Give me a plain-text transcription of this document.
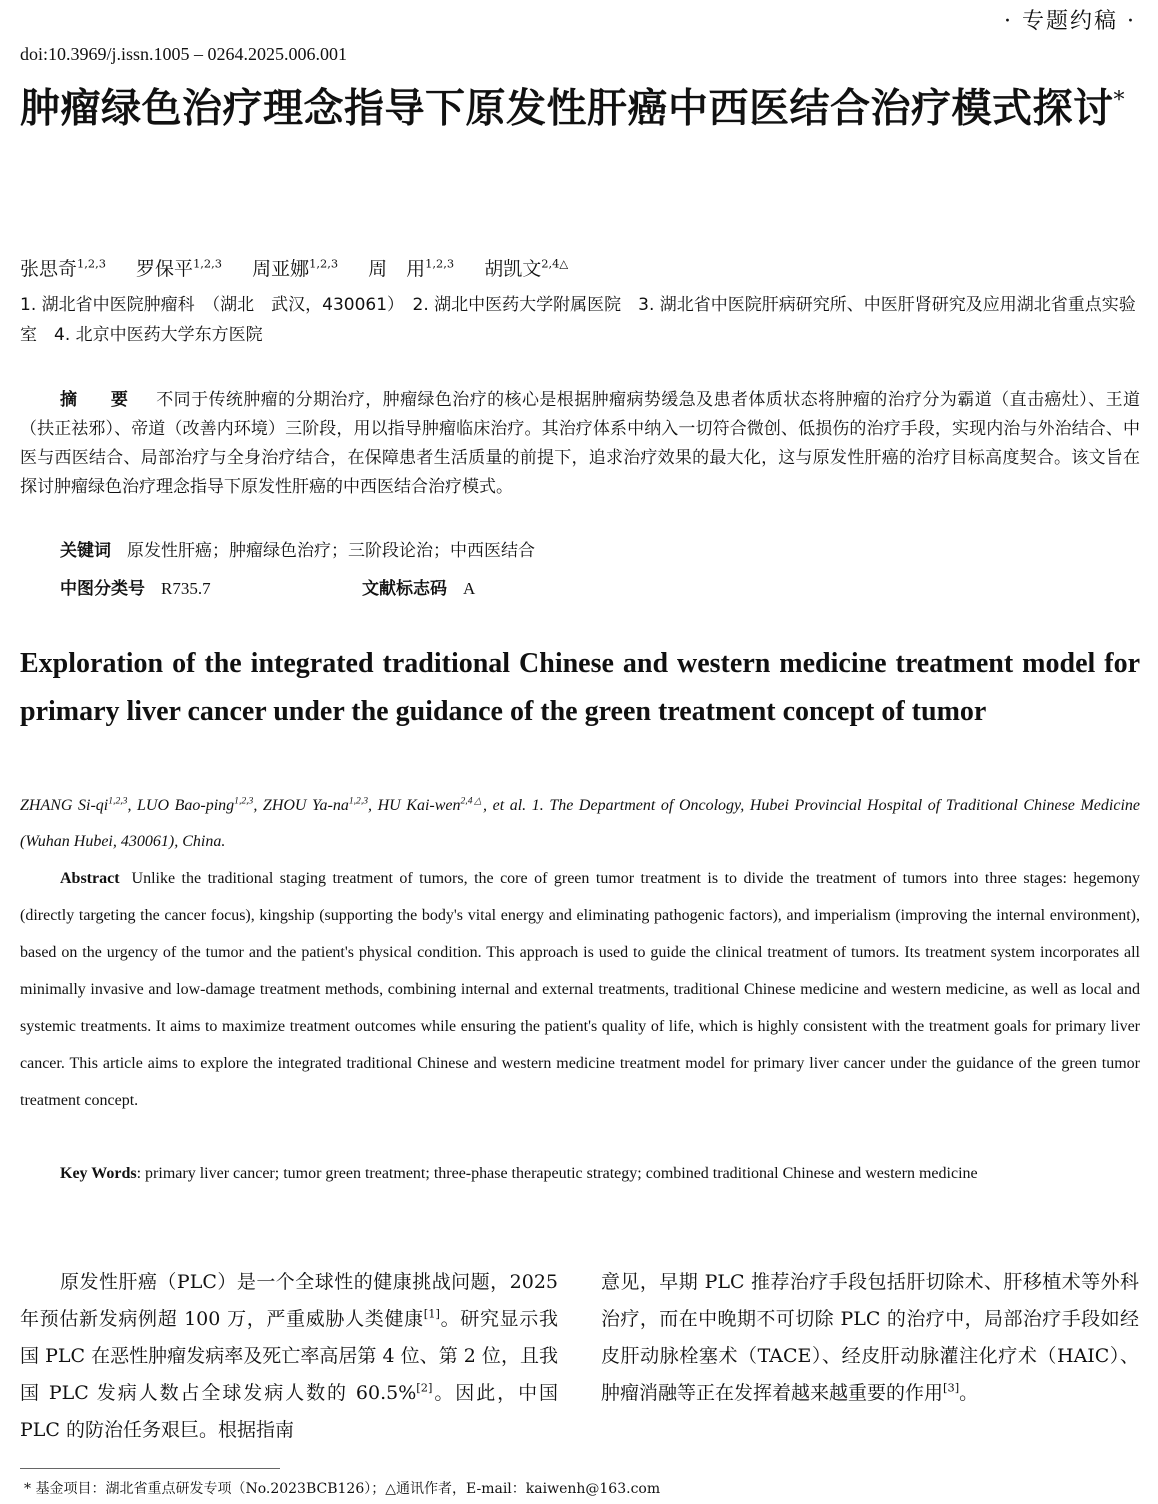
· 专题约稿 ·
doi:10.3969/j.issn.1005 – 0264.2025.006.001
肿瘤绿色治疗理念指导下原发性肝癌中西医结合治疗模式探讨*
张思奇$^{1,2,3}$ 罗保平$^{1,2,3}$ 周亚娜$^{1,2,3}$ 周　用$^{1,2,3}$ 胡凯文$^{2,4\triangle}$
1. 湖北省中医院肿瘤科　（湖北　武汉，430061）　2. 湖北中医药大学附属医院　3. 湖北省中医院肝病研究所、中医肝肾研究及应用湖北省重点实验室　4. 北京中医药大学东方医院
摘　要 不同于传统肿瘤的分期治疗，肿瘤绿色治疗的核心是根据肿瘤病势缓急及患者体质状态将肿瘤的治疗分为霸道（直击癌灶）、王道（扶正祛邪）、帝道（改善内环境）三阶段，用以指导肿瘤临床治疗。其治疗体系中纳入一切符合微创、低损伤的治疗手段，实现内治与外治结合、中医与西医结合、局部治疗与全身治疗结合，在保障患者生活质量的前提下，追求治疗效果的最大化，这与原发性肝癌的治疗目标高度契合。该文旨在探讨肿瘤绿色治疗理念指导下原发性肝癌的中西医结合治疗模式。
关键词 原发性肝癌；肿瘤绿色治疗；三阶段论治；中西医结合
中图分类号 R735.7	文献标志码 A
Exploration of the integrated traditional Chinese and western medicine treatment model for primary liver cancer under the guidance of the green treatment concept of tumor
ZHANG Si-qi$^{1,2,3}$, LUO Bao-ping$^{1,2,3}$, ZHOU Ya-na$^{1,2,3}$, HU Kai-wen$^{2,4\triangle}$, et al. 1. The Department of Oncology, Hubei Provincial Hospital of Traditional Chinese Medicine (Wuhan Hubei, 430061), China.
Abstract Unlike the traditional staging treatment of tumors, the core of green tumor treatment is to divide the treatment of tumors into three stages: hegemony (directly targeting the cancer focus), kingship (supporting the body's vital energy and eliminating pathogenic factors), and imperialism (improving the internal environment), based on the urgency of the tumor and the patient's physical condition. This approach is used to guide the clinical treatment of tumors. Its treatment system incorporates all minimally invasive and low-damage treatment methods, combining internal and external treatments, traditional Chinese medicine and western medicine, as well as local and systemic treatments. It aims to maximize treatment outcomes while ensuring the patient's quality of life, which is highly consistent with the treatment goals for primary liver cancer. This article aims to explore the integrated traditional Chinese and western medicine treatment model for primary liver cancer under the guidance of the green tumor treatment concept.
Key Words: primary liver cancer; tumor green treatment; three-phase therapeutic strategy; combined traditional Chinese and western medicine
原发性肝癌（PLC）是一个全球性的健康挑战问题，2025 年预估新发病例超 100 万，严重威胁人类健康[1]。研究显示我国 PLC 在恶性肿瘤发病率及死亡率高居第 4 位、第 2 位，且我国 PLC 发病人数占全球发病人数的 60.5%[2]。因此，中国 PLC 的防治任务艰巨。根据指南
意见，早期 PLC 推荐治疗手段包括肝切除术、肝移植术等外科治疗，而在中晚期不可切除 PLC 的治疗中，局部治疗手段如经皮肝动脉栓塞术（TACE）、经皮肝动脉灌注化疗术（HAIC）、肿瘤消融等正在发挥着越来越重要的作用[3]。
* 基金项目：湖北省重点研发专项（No.2023BCB126）；△通讯作者，E-mail：kaiwenh@163.com
